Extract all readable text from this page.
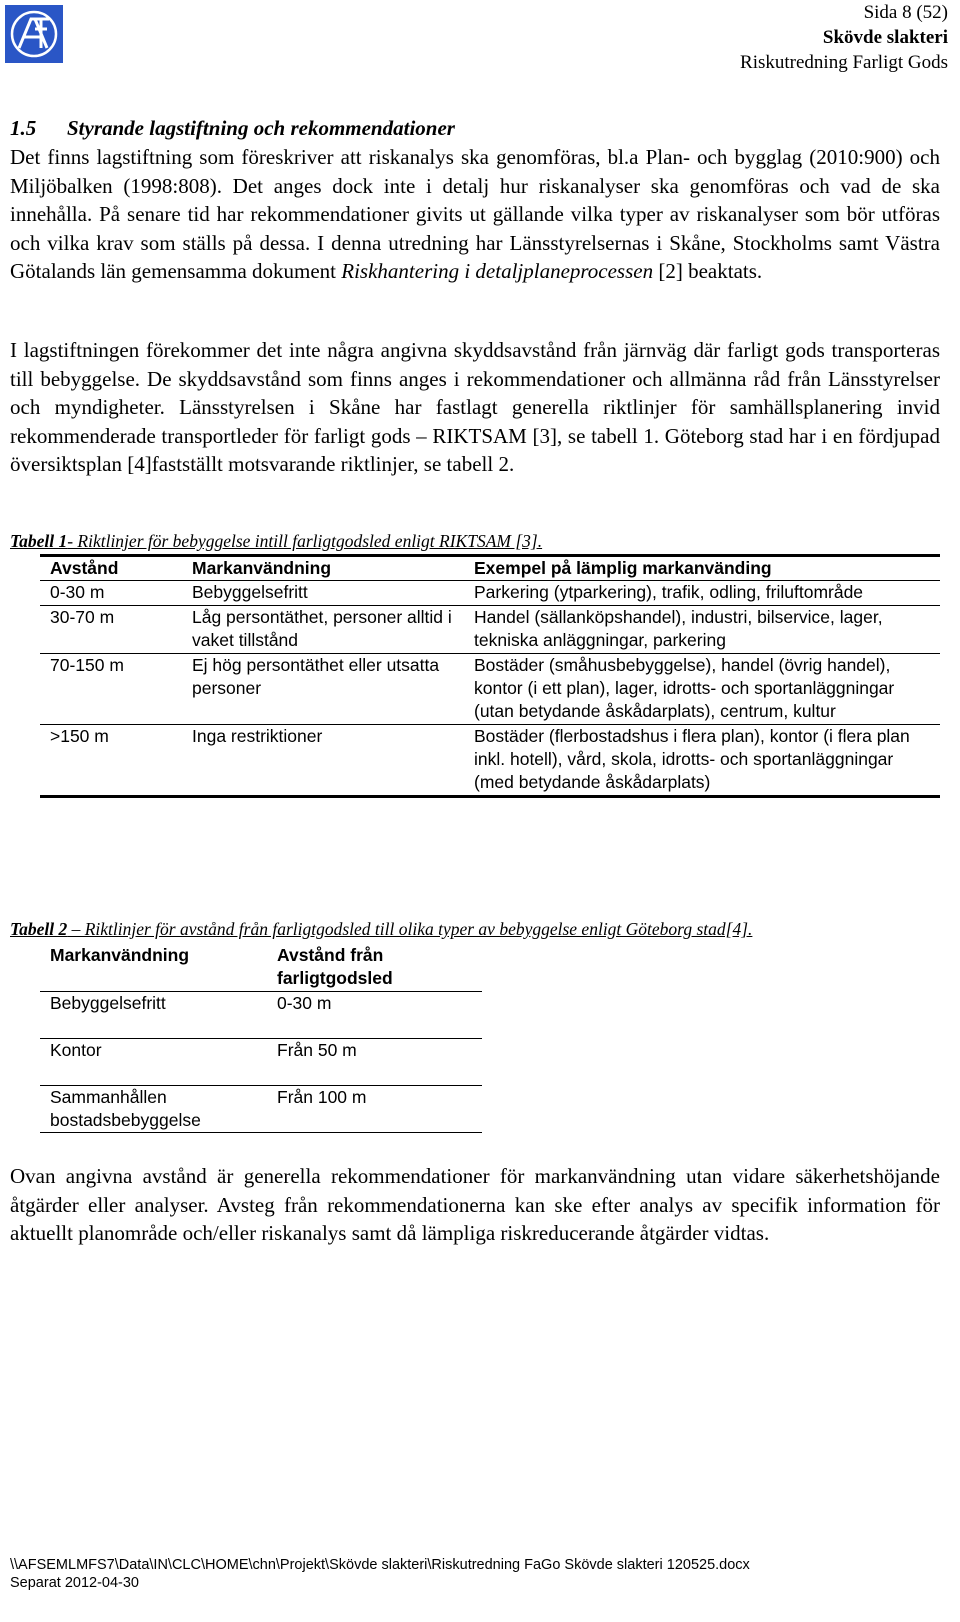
Sida 8 (52)
Skövde slakteri
Riskutredning Farligt Gods
1.5 Styrande lagstiftning och rekommendationer
Det finns lagstiftning som föreskriver att riskanalys ska genomföras, bl.a Plan- och bygglag (2010:900) och Miljöbalken (1998:808). Det anges dock inte i detalj hur riskanalyser ska genomföras och vad de ska innehålla. På senare tid har rekommendationer givits ut gällande vilka typer av riskanalyser som bör utföras och vilka krav som ställs på dessa. I denna utredning har Länsstyrelsernas i Skåne, Stockholms samt Västra Götalands län gemensamma dokument Riskhantering i detaljplaneprocessen [2] beaktats.
I lagstiftningen förekommer det inte några angivna skyddsavstånd från järnväg där farligt gods transporteras till bebyggelse. De skyddsavstånd som finns anges i rekommendationer och allmänna råd från Länsstyrelser och myndigheter. Länsstyrelsen i Skåne har fastlagt generella riktlinjer för samhällsplanering invid rekommenderade transportleder för farligt gods – RIKTSAM [3], se tabell 1. Göteborg stad har i en fördjupad översiktsplan [4]fastställt motsvarande riktlinjer, se tabell 2.
Tabell 1- Riktlinjer för bebyggelse intill farligtgodsled enligt RIKTSAM [3].
Avstånd	Markanvändning	Exempel på lämplig markanvänding
0-30 m	Bebyggelsefritt	Parkering (ytparkering), trafik, odling, friluftområde
30-70 m	Låg persontäthet, personer alltid i vaket tillstånd	Handel (sällanköpshandel), industri, bilservice, lager, tekniska anläggningar, parkering
70-150 m	Ej hög persontäthet eller utsatta personer	Bostäder (småhusbebyggelse), handel (övrig handel), kontor (i ett plan), lager, idrotts- och sportanläggningar (utan betydande åskådarplats), centrum, kultur
>150 m	Inga restriktioner	Bostäder (flerbostadshus i flera plan), kontor (i flera plan inkl. hotell), vård, skola, idrotts- och sportanläggningar (med betydande åskådarplats)
Tabell 2 – Riktlinjer för avstånd från farligtgodsled till olika typer av bebyggelse enligt Göteborg stad[4].
Markanvändning	Avstånd från farligtgodsled
Bebyggelsefritt	0-30 m
Kontor	Från 50 m
Sammanhållen bostadsbebyggelse	Från 100 m
Ovan angivna avstånd är generella rekommendationer för markanvändning utan vidare säkerhetshöjande åtgärder eller analyser. Avsteg från rekommendationerna kan ske efter analys av specifik information för aktuellt planområde och/eller riskanalys samt då lämpliga riskreducerande åtgärder vidtas.
\\AFSEMLMFS7\Data\IN\CLC\HOME\chn\Projekt\Skövde slakteri\Riskutredning FaGo Skövde slakteri 120525.docx
Separat 2012-04-30
